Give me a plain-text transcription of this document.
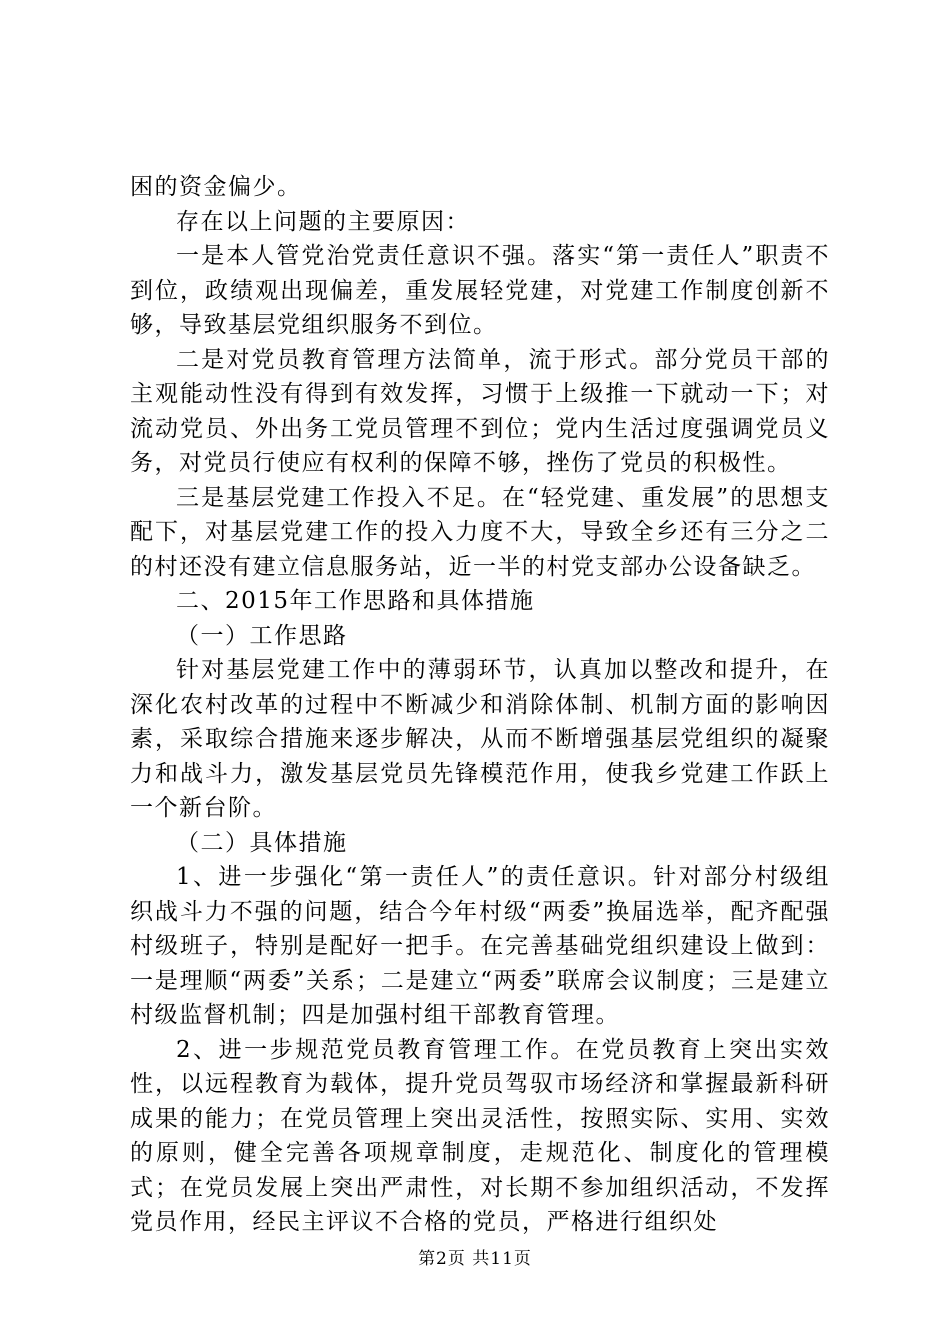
困的资金偏少。

存在以上问题的主要原因：

一是本人管党治党责任意识不强。落实“第一责任人”职责不到位，政绩观出现偏差，重发展轻党建，对党建工作制度创新不够，导致基层党组织服务不到位。

二是对党员教育管理方法简单，流于形式。部分党员干部的主观能动性没有得到有效发挥，习惯于上级推一下就动一下；对流动党员、外出务工党员管理不到位；党内生活过度强调党员义务，对党员行使应有权利的保障不够，挫伤了党员的积极性。

三是基层党建工作投入不足。在“轻党建、重发展”的思想支配下，对基层党建工作的投入力度不大，导致全乡还有三分之二的村还没有建立信息服务站，近一半的村党支部办公设备缺乏。

二、2015年工作思路和具体措施

（一）工作思路

针对基层党建工作中的薄弱环节，认真加以整改和提升，在深化农村改革的过程中不断减少和消除体制、机制方面的影响因素，采取综合措施来逐步解决，从而不断增强基层党组织的凝聚力和战斗力，激发基层党员先锋模范作用，使我乡党建工作跃上一个新台阶。

（二）具体措施

1、进一步强化“第一责任人”的责任意识。针对部分村级组织战斗力不强的问题，结合今年村级“两委”换届选举，配齐配强村级班子，特别是配好一把手。在完善基础党组织建设上做到：一是理顺“两委”关系；二是建立“两委”联席会议制度；三是建立村级监督机制；四是加强村组干部教育管理。

2、进一步规范党员教育管理工作。在党员教育上突出实效性，以远程教育为载体，提升党员驾驭市场经济和掌握最新科研成果的能力；在党员管理上突出灵活性，按照实际、实用、实效的原则，健全完善各项规章制度，走规范化、制度化的管理模式；在党员发展上突出严肃性，对长期不参加组织活动，不发挥党员作用，经民主评议不合格的党员，严格进行组织处

第2页 共11页
